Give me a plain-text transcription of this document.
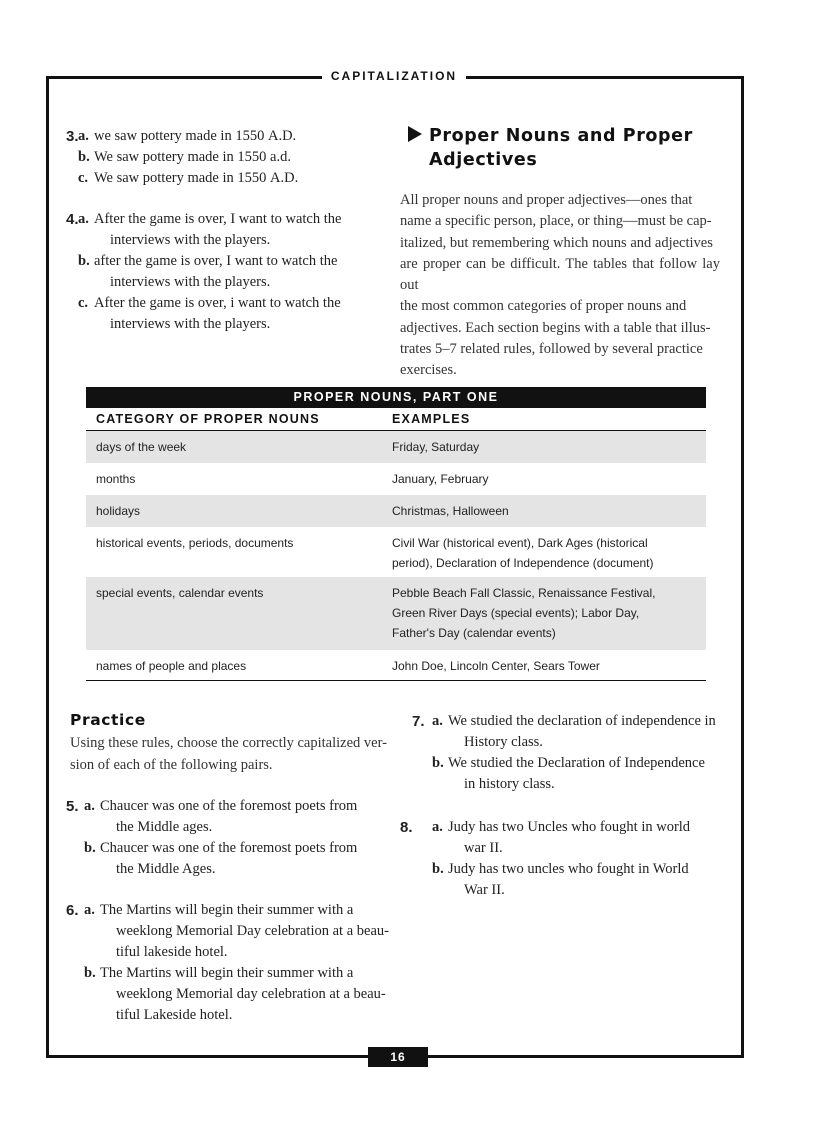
CAPITALIZATION
16
3. a. we saw pottery made in 1550 A.D.
b. We saw pottery made in 1550 a.d.
c. We saw pottery made in 1550 A.D.
4. a. After the game is over, I want to watch the
interviews with the players.
b. after the game is over, I want to watch the
interviews with the players.
c. After the game is over, i want to watch the
interviews with the players.
Proper Nouns and Proper
Adjectives
All proper nouns and proper adjectives—ones that
name a specific person, place, or thing—must be cap-
italized, but remembering which nouns and adjectives
are proper can be difficult. The tables that follow lay out
the most common categories of proper nouns and
adjectives. Each section begins with a table that illus-
trates 5–7 related rules, followed by several practice
exercises.
PROPER NOUNS, PART ONE
CATEGORY OF PROPER NOUNS	EXAMPLES
days of the week	Friday, Saturday
months	January, February
holidays	Christmas, Halloween
historical events, periods, documents	Civil War (historical event), Dark Ages (historical
period), Declaration of Independence (document)
special events, calendar events	Pebble Beach Fall Classic, Renaissance Festival,
Green River Days (special events); Labor Day,
Father's Day (calendar events)
names of people and places	John Doe, Lincoln Center, Sears Tower
Practice
Using these rules, choose the correctly capitalized ver-
sion of each of the following pairs.
5. a. Chaucer was one of the foremost poets from
the Middle ages.
b. Chaucer was one of the foremost poets from
the Middle Ages.
6. a. The Martins will begin their summer with a
weeklong Memorial Day celebration at a beau-
tiful lakeside hotel.
b. The Martins will begin their summer with a
weeklong Memorial day celebration at a beau-
tiful Lakeside hotel.
7. a. We studied the declaration of independence in
History class.
b. We studied the Declaration of Independence
in history class.
8.	a. Judy has two Uncles who fought in world
war II.
b. Judy has two uncles who fought in World
War II.
